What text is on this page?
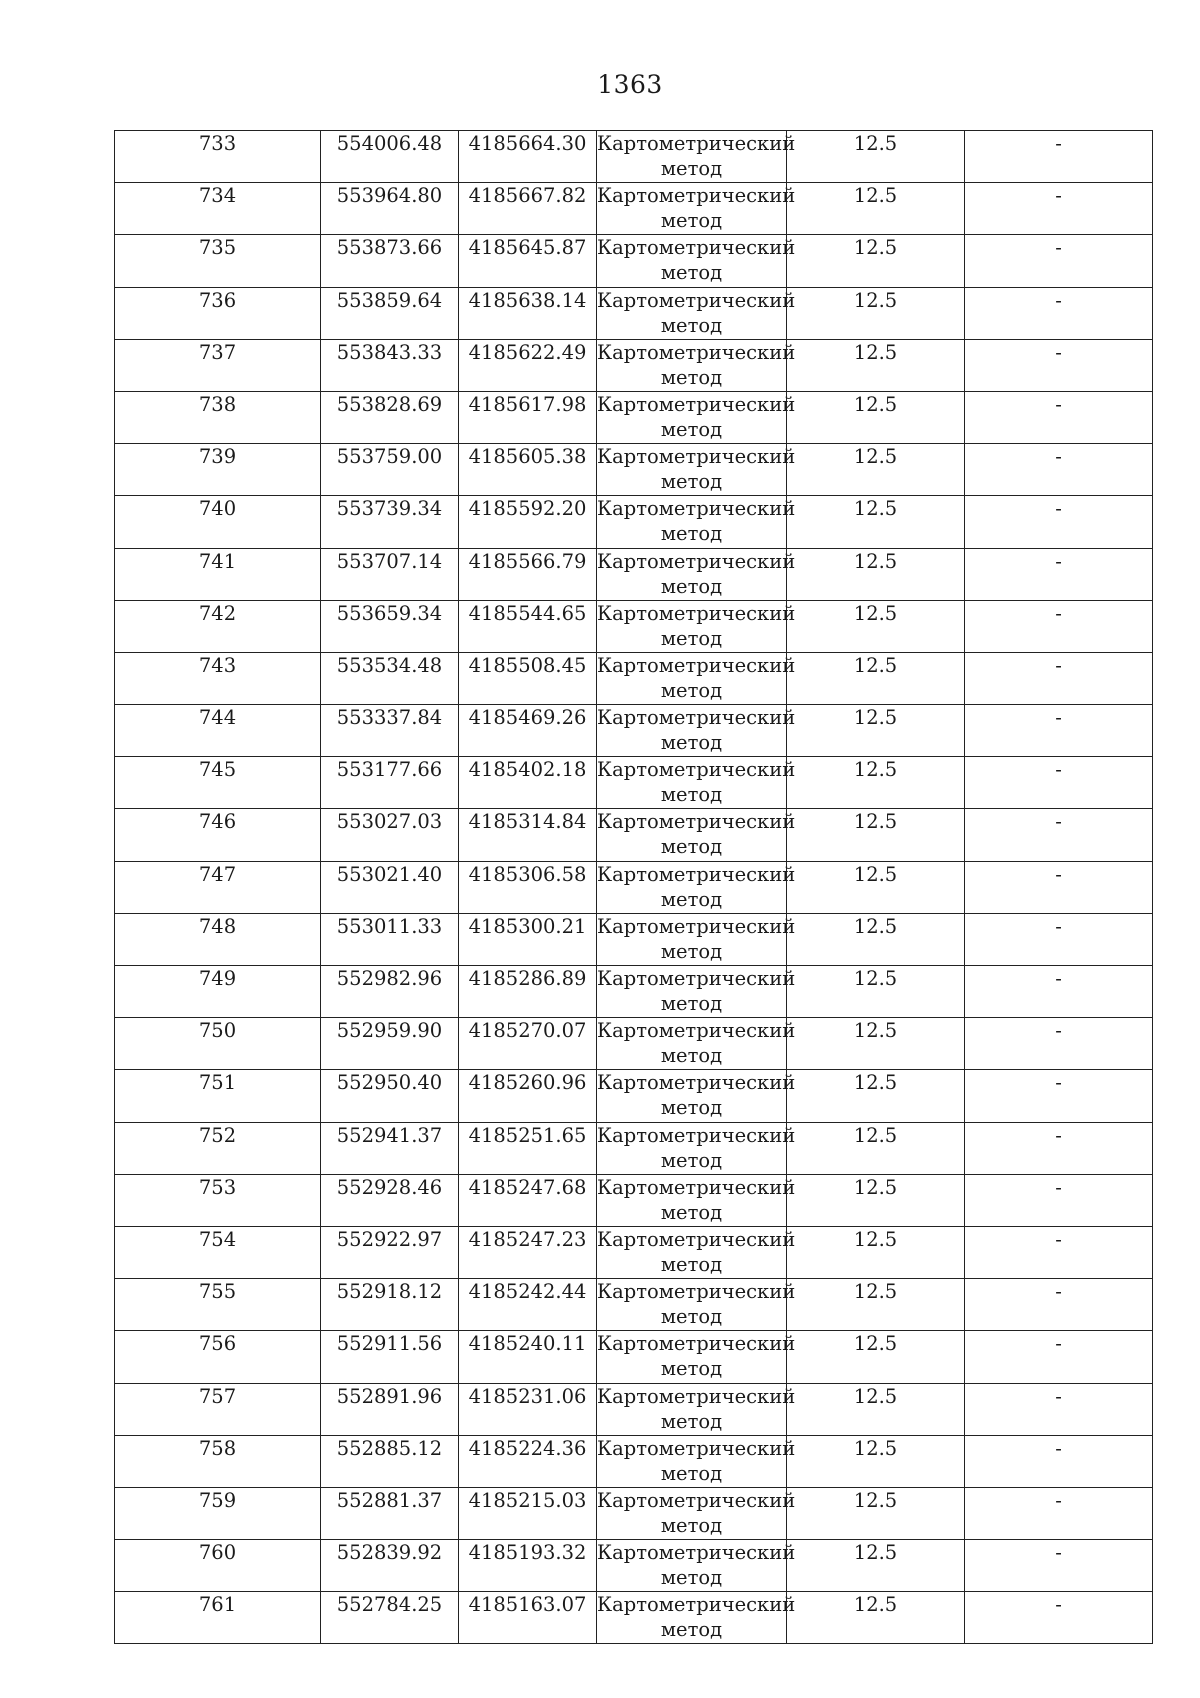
1363
733	554006.48	4185664.30	Картометрический метод	12.5	-
734	553964.80	4185667.82	Картометрический метод	12.5	-
735	553873.66	4185645.87	Картометрический метод	12.5	-
736	553859.64	4185638.14	Картометрический метод	12.5	-
737	553843.33	4185622.49	Картометрический метод	12.5	-
738	553828.69	4185617.98	Картометрический метод	12.5	-
739	553759.00	4185605.38	Картометрический метод	12.5	-
740	553739.34	4185592.20	Картометрический метод	12.5	-
741	553707.14	4185566.79	Картометрический метод	12.5	-
742	553659.34	4185544.65	Картометрический метод	12.5	-
743	553534.48	4185508.45	Картометрический метод	12.5	-
744	553337.84	4185469.26	Картометрический метод	12.5	-
745	553177.66	4185402.18	Картометрический метод	12.5	-
746	553027.03	4185314.84	Картометрический метод	12.5	-
747	553021.40	4185306.58	Картометрический метод	12.5	-
748	553011.33	4185300.21	Картометрический метод	12.5	-
749	552982.96	4185286.89	Картометрический метод	12.5	-
750	552959.90	4185270.07	Картометрический метод	12.5	-
751	552950.40	4185260.96	Картометрический метод	12.5	-
752	552941.37	4185251.65	Картометрический метод	12.5	-
753	552928.46	4185247.68	Картометрический метод	12.5	-
754	552922.97	4185247.23	Картометрический метод	12.5	-
755	552918.12	4185242.44	Картометрический метод	12.5	-
756	552911.56	4185240.11	Картометрический метод	12.5	-
757	552891.96	4185231.06	Картометрический метод	12.5	-
758	552885.12	4185224.36	Картометрический метод	12.5	-
759	552881.37	4185215.03	Картометрический метод	12.5	-
760	552839.92	4185193.32	Картометрический метод	12.5	-
761	552784.25	4185163.07	Картометрический метод	12.5	-
